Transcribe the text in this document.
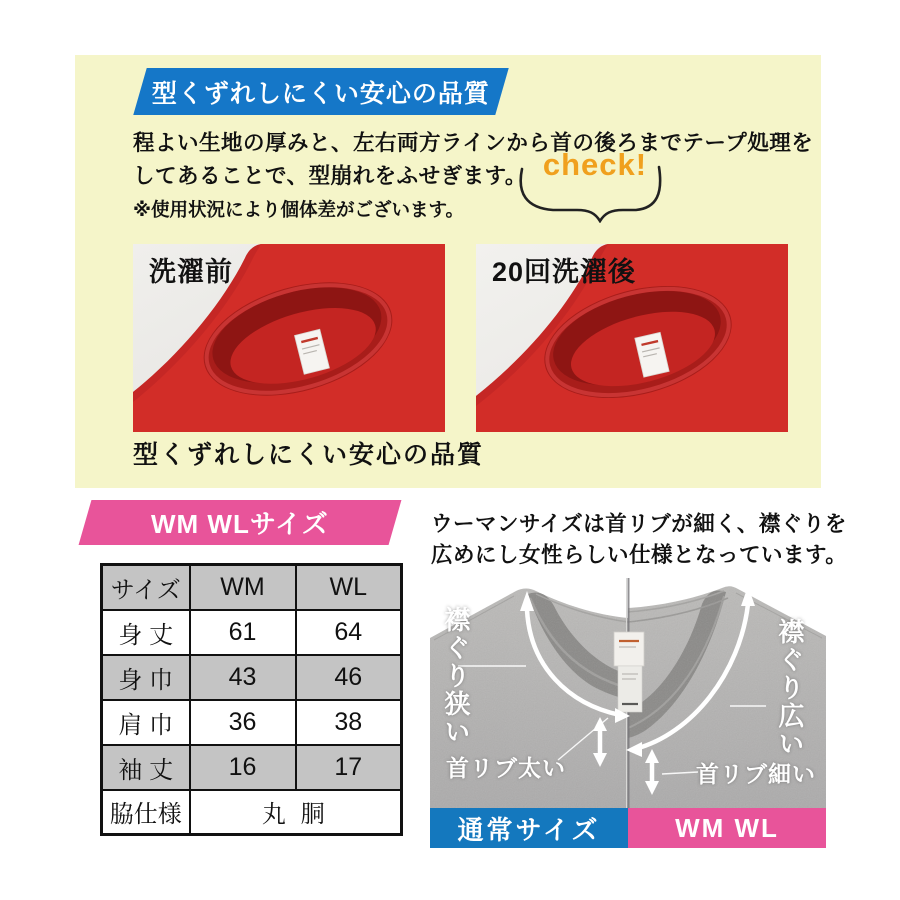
型くずれしにくい安心の品質
程よい生地の厚みと、左右両方ラインから首の後ろまでテープ処理を
してあることで、型崩れをふせぎます。
※使用状況により個体差がございます。
check!
洗濯前	20回洗濯後
型くずれしにくい安心の品質
WM WLサイズ
サイズ	WM	WL
身 丈	61	64
身 巾	43	46
肩 巾	36	38
袖 丈	16	17
脇仕様	丸 胴	
ウーマンサイズは首リブが細く、襟ぐりを
広めにし女性らしい仕様となっています。
襟ぐり狭い
首リブ太い
襟ぐり広い
首リブ細い
通常サイズ	WM WL
